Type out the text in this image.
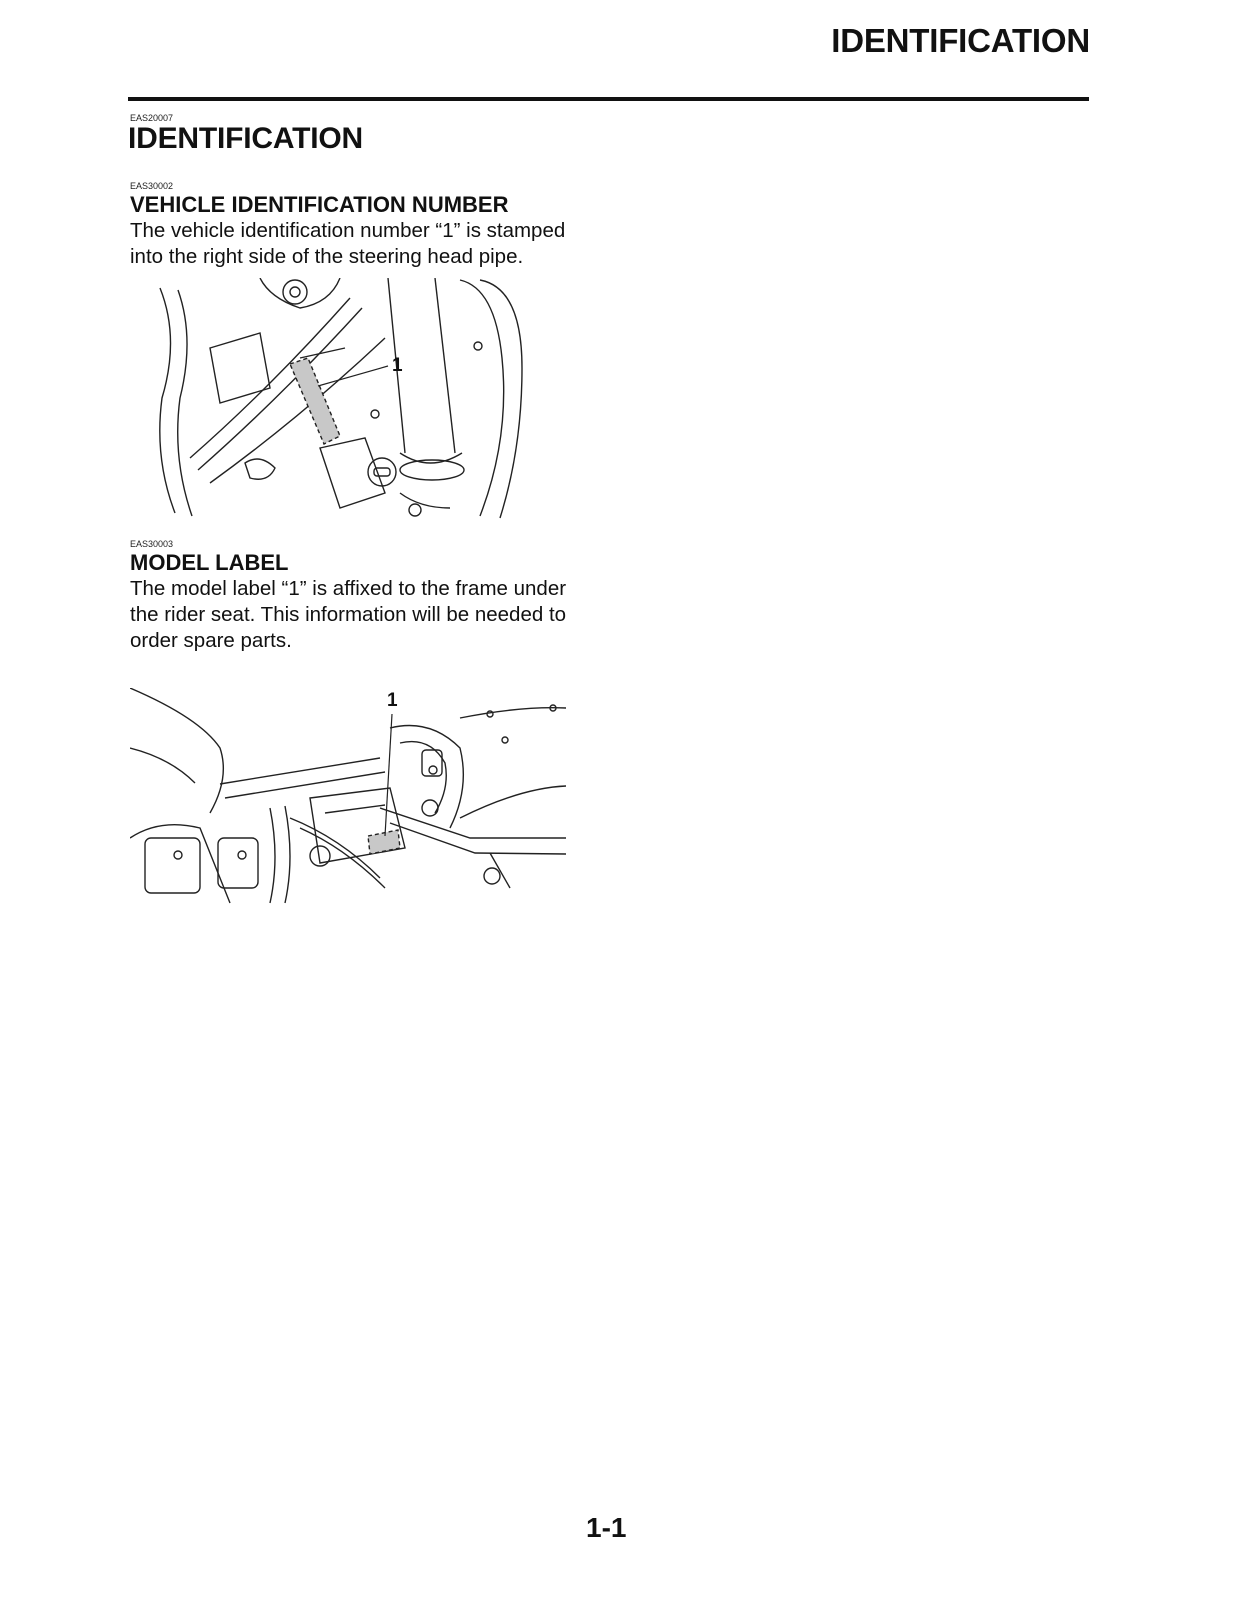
IDENTIFICATION
EAS20007
IDENTIFICATION
EAS30002
VEHICLE IDENTIFICATION NUMBER
The vehicle identification number “1” is stamped
into the right side of the steering head pipe.
1
EAS30003
MODEL LABEL
The model label “1” is affixed to the frame under
the rider seat. This information will be needed to
order spare parts.
1
1-1
